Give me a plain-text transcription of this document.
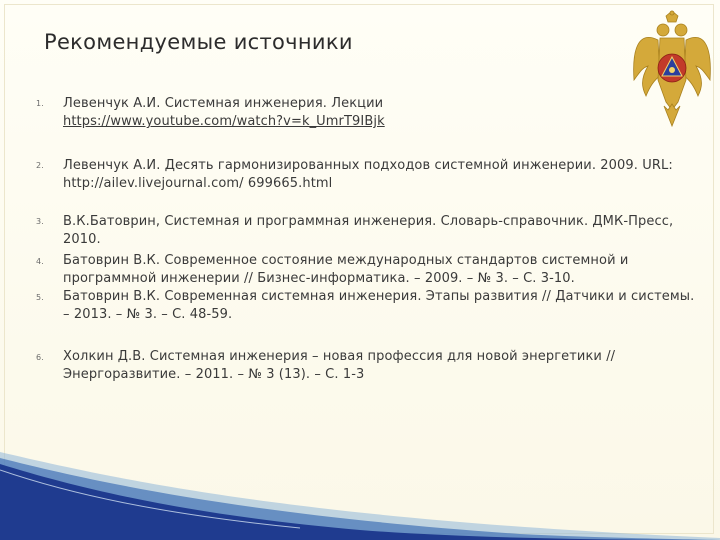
Рекомендуемые источники
1. Левенчук А.И. Системная инженерия. Лекции
https://www.youtube.com/watch?v=k_UmrT9IBjk
2. Левенчук А.И. Десять гармонизированных подходов системной инженерии. 2009. URL:
http://ailev.livejournal.com/ 699665.html
3. В.К.Батоврин, Системная и программная инженерия. Словарь-справочник. ДМК-Пресс,
2010.
4. Батоврин В.К. Современное состояние международных стандартов системной и
программной инженерии // Бизнес-информатика. – 2009. – № 3. – С. 3-10.
5. Батоврин В.К. Современная системная инженерия. Этапы развития // Датчики и системы.
– 2013. – № 3. – С. 48-59.
6. Холкин Д.В. Системная инженерия – новая профессия для новой энергетики //
Энергоразвитие. – 2011. – № 3 (13). – С. 1-3
